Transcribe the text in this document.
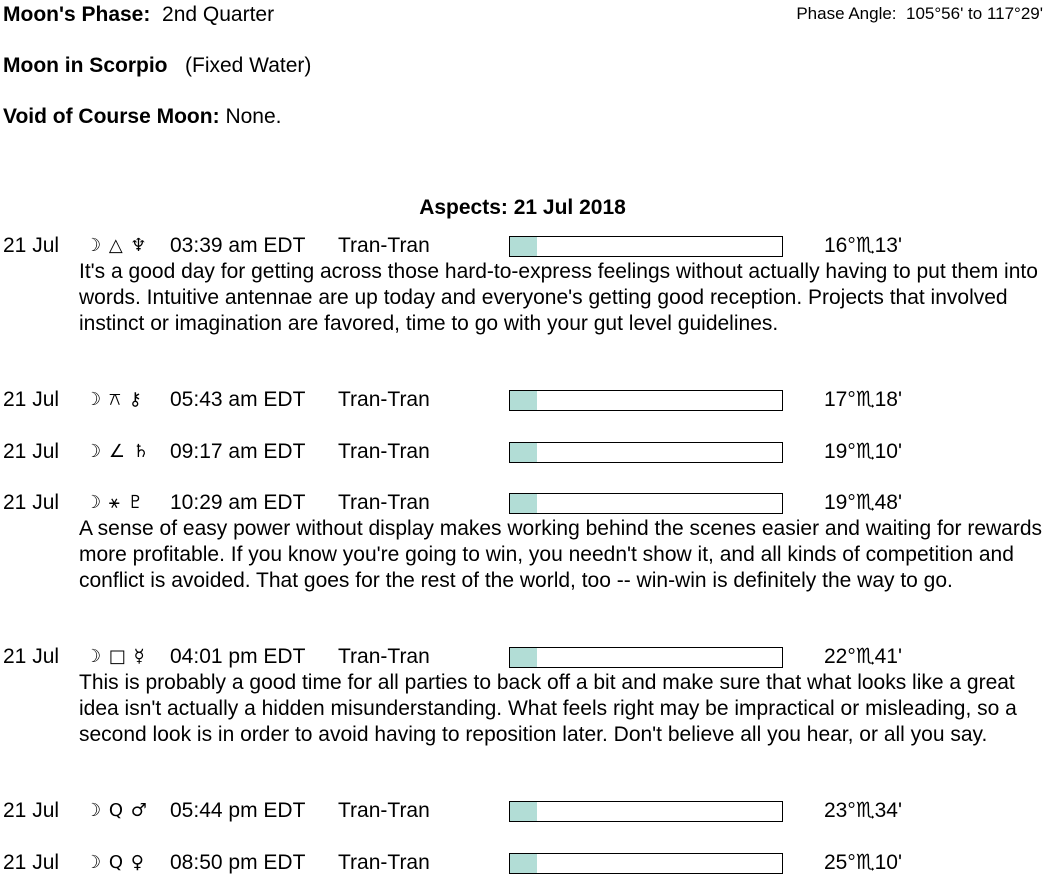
Moon's Phase: 2nd Quarter	Phase Angle: 105°56' to 117°29'
Moon in Scorpio (Fixed Water)
Void of Course Moon: None.
Aspects: 21 Jul 2018
21 Jul ☽ △ ♆ 03:39 am EDT Tran-Tran	16°♏13'
It's a good day for getting across those hard-to-express feelings without actually having to put them into words. Intuitive antennae are up today and everyone's getting good reception. Projects that involved instinct or imagination are favored, time to go with your gut level guidelines.
21 Jul ☽ ⚻ ⚷ 05:43 am EDT Tran-Tran	17°♏18'
21 Jul ☽ ∠ ♄ 09:17 am EDT Tran-Tran	19°♏10'
21 Jul ☽ ⚹ ♇ 10:29 am EDT Tran-Tran	19°♏48'
A sense of easy power without display makes working behind the scenes easier and waiting for rewards more profitable. If you know you're going to win, you needn't show it, and all kinds of competition and conflict is avoided. That goes for the rest of the world, too -- win-win is definitely the way to go.
21 Jul ☽ □ ☿ 04:01 pm EDT Tran-Tran	22°♏41'
This is probably a good time for all parties to back off a bit and make sure that what looks like a great idea isn't actually a hidden misunderstanding. What feels right may be impractical or misleading, so a second look is in order to avoid having to reposition later. Don't believe all you hear, or all you say.
21 Jul ☽ Q ♂ 05:44 pm EDT Tran-Tran	23°♏34'
21 Jul ☽ Q ♀ 08:50 pm EDT Tran-Tran	25°♏10'
